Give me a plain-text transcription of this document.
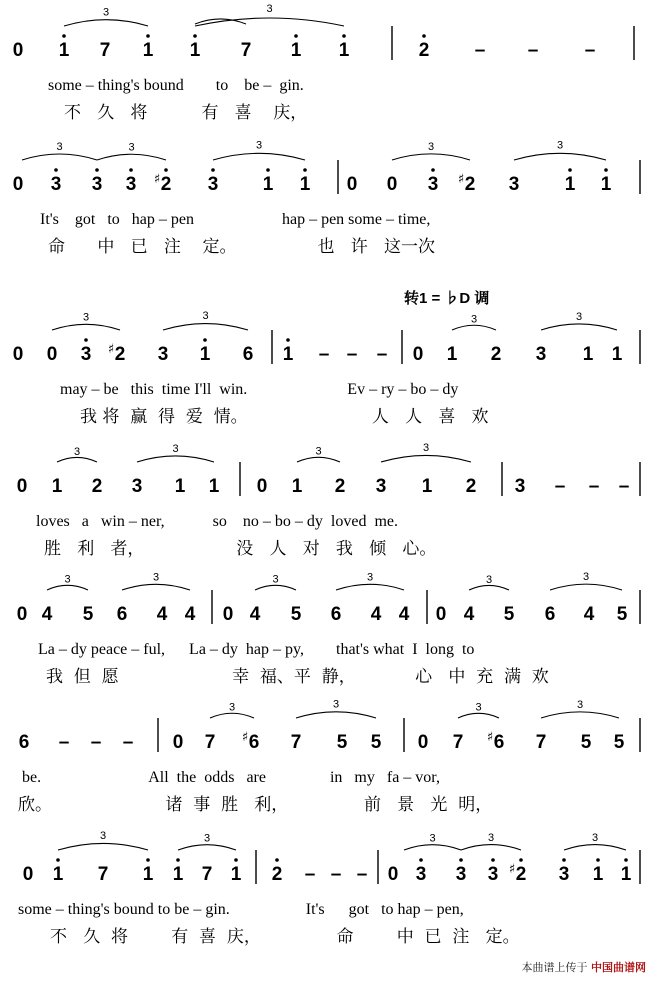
转1 = ♭D 调
0 1 7 1 1 7 1 1	2 – – –
3	3
some – thing's bound        to    be –  gin.
不   久   将          有   喜    庆，
0 3 3 3 2
♯	3 1 1 0 0 3 2
♯ 3 1 1
3	3	3	3	3
It's    got   to   hap – pen                      hap – pen some – time,
命      中   已   注    定。               也   许   这一次
0 0 3 2
♯ 3 1 6 1 – – – 0 1 2 3 1 1
3	3	3	3
may – be   this  time I'll  win.                         Ev – ry – bo – dy
我 将  赢  得  爱  情。                       人   人   喜   欢
0 1 2 3 1 1 0 1 2 3 1 2 3 – – –
3	3	3	3
loves   a   win – ner,            so    no – bo – dy  loved  me.
胜   利   者，                 没   人   对   我   倾   心。
0 4 5 6 4 4 0 4 5 6 4 4 0 4 5 6 4 5
3	3	3	3	3	3
La – dy peace – ful,      La – dy  hap – py,        that's what  I  long  to
我  但  愿                     幸  福、平  静，           心   中  充  满  欢
6 – – – 0 7 6
♯ 7 5 5 0 7 6
♯ 7 5 5
3	3	3	3
be.                           All  the  odds   are                in   my   fa – vor,
欣。                     诸  事  胜   利，              前   景   光  明，
0 1 7 1 1 7 1 2 – – – 0 3 3 3 2
♯ 3 1 1
3	3	3	3	3
some – thing's bound to be – gin.                   It's      got   to hap – pen,
不   久  将        有  喜  庆，              命        中  已  注   定。
本曲谱上传于 中国曲谱网
